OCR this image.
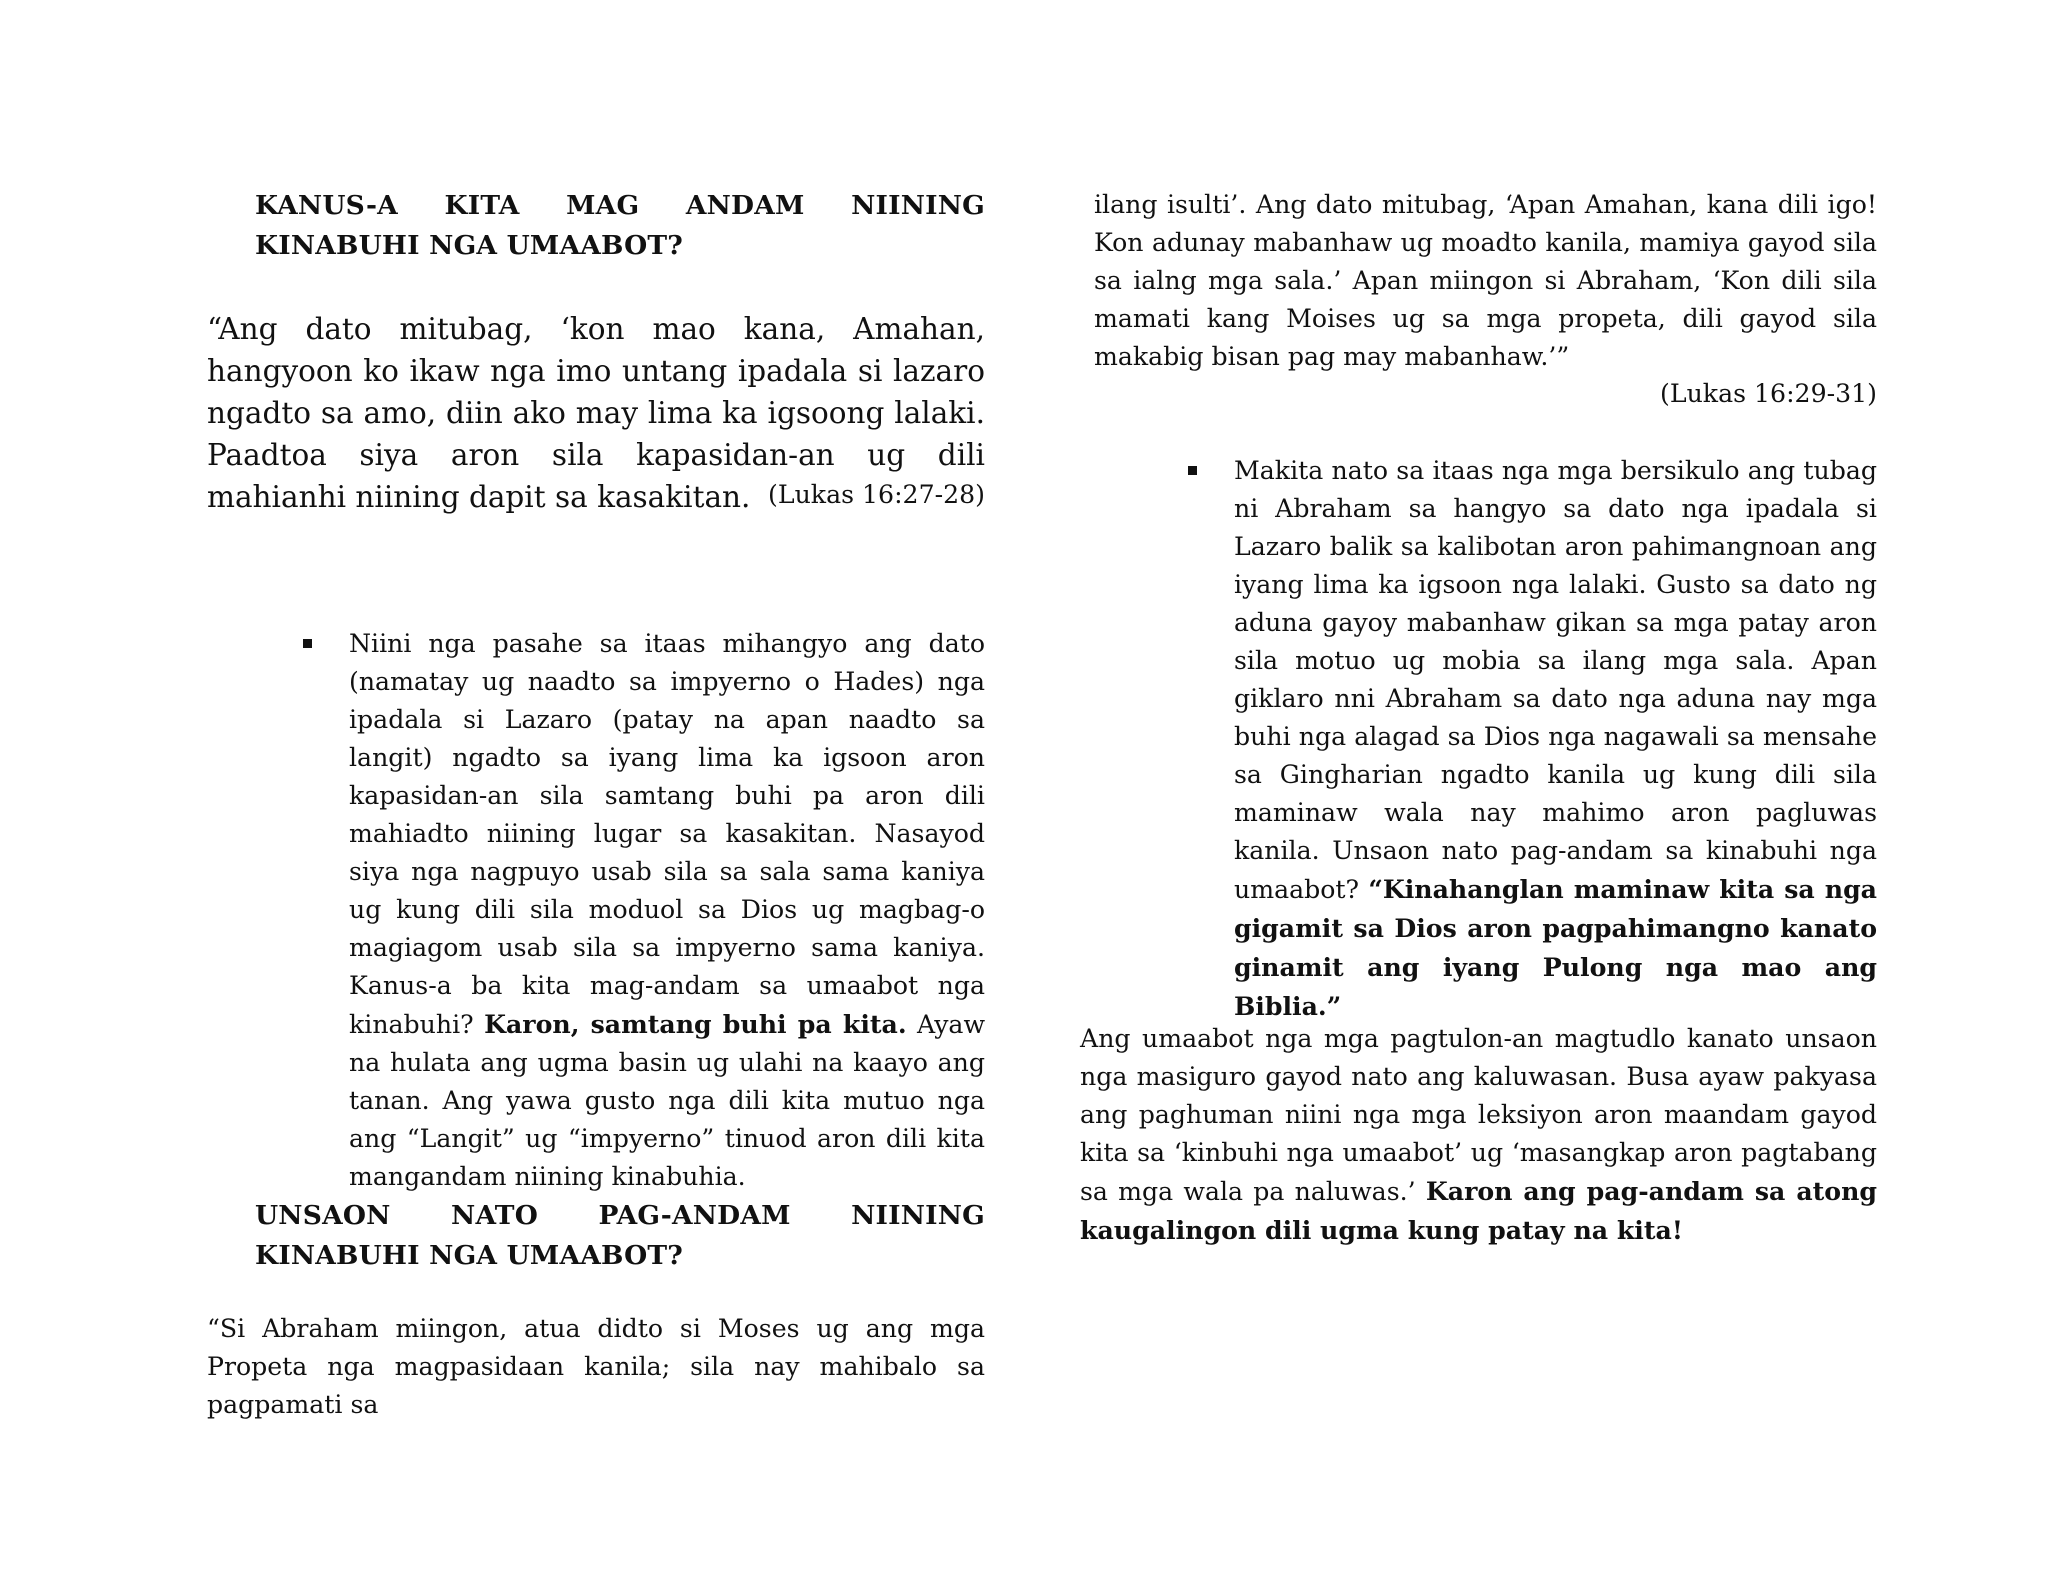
KANUS-A KITA MAG ANDAM NIINING KINABUHI NGA UMAABOT?

“Ang dato mitubag, ‘kon mao kana, Amahan, hangyoon ko ikaw nga imo untang ipadala si lazaro ngadto sa amo, diin ako may lima ka igsoong lalaki. Paadtoa siya aron sila kapasidan-an ug dili mahianhi niining dapit sa kasakitan. (Lukas 16:27-28)

Niini nga pasahe sa itaas mihangyo ang dato (namatay ug naadto sa impyerno o Hades) nga ipadala si Lazaro (patay na apan naadto sa langit) ngadto sa iyang lima ka igsoon aron kapasidan-an sila samtang buhi pa aron dili mahiadto niining lugar sa kasakitan. Nasayod siya nga nagpuyo usab sila sa sala sama kaniya ug kung dili sila moduol sa Dios ug magbag-o magiagom usab sila sa impyerno sama kaniya. Kanus-a ba kita mag-andam sa umaabot nga kinabuhi? Karon, samtang buhi pa kita. Ayaw na hulata ang ugma basin ug ulahi na kaayo ang tanan. Ang yawa gusto nga dili kita mutuo nga ang “Langit” ug “impyerno” tinuod aron dili kita mangandam niining kinabuhia.

UNSAON NATO PAG-ANDAM NIINING KINABUHI NGA UMAABOT?

“Si Abraham miingon, atua didto si Moses ug ang mga Propeta nga magpasidaan kanila; sila nay mahibalo sa pagpamati sa

ilang isulti’. Ang dato mitubag, ‘Apan Amahan, kana dili igo! Kon adunay mabanhaw ug moadto kanila, mamiya gayod sila sa ialng mga sala.’ Apan miingon si Abraham, ‘Kon dili sila mamati kang Moises ug sa mga propeta, dili gayod sila makabig bisan pag may mabanhaw.’”

(Lukas 16:29-31)

Makita nato sa itaas nga mga bersikulo ang tubag ni Abraham sa hangyo sa dato nga ipadala si Lazaro balik sa kalibotan aron pahimangnoan ang iyang lima ka igsoon nga lalaki. Gusto sa dato ng aduna gayoy mabanhaw gikan sa mga patay aron sila motuo ug mobia sa ilang mga sala. Apan giklaro nni Abraham sa dato nga aduna nay mga buhi nga alagad sa Dios nga nagawali sa mensahe sa Gingharian ngadto kanila ug kung dili sila maminaw wala nay mahimo aron pagluwas kanila. Unsaon nato pag-andam sa kinabuhi nga umaabot? “Kinahanglan maminaw kita sa nga gigamit sa Dios aron pagpahimangno kanato ginamit ang iyang Pulong nga mao ang Biblia.”

Ang umaabot nga mga pagtulon-an magtudlo kanato unsaon nga masiguro gayod nato ang kaluwasan. Busa ayaw pakyasa ang paghuman niini nga mga leksiyon aron maandam gayod kita sa ‘kinbuhi nga umaabot’ ug ‘masangkap aron pagtabang sa mga wala pa naluwas.’ Karon ang pag-andam sa atong kaugalingon dili ugma kung patay na kita!
